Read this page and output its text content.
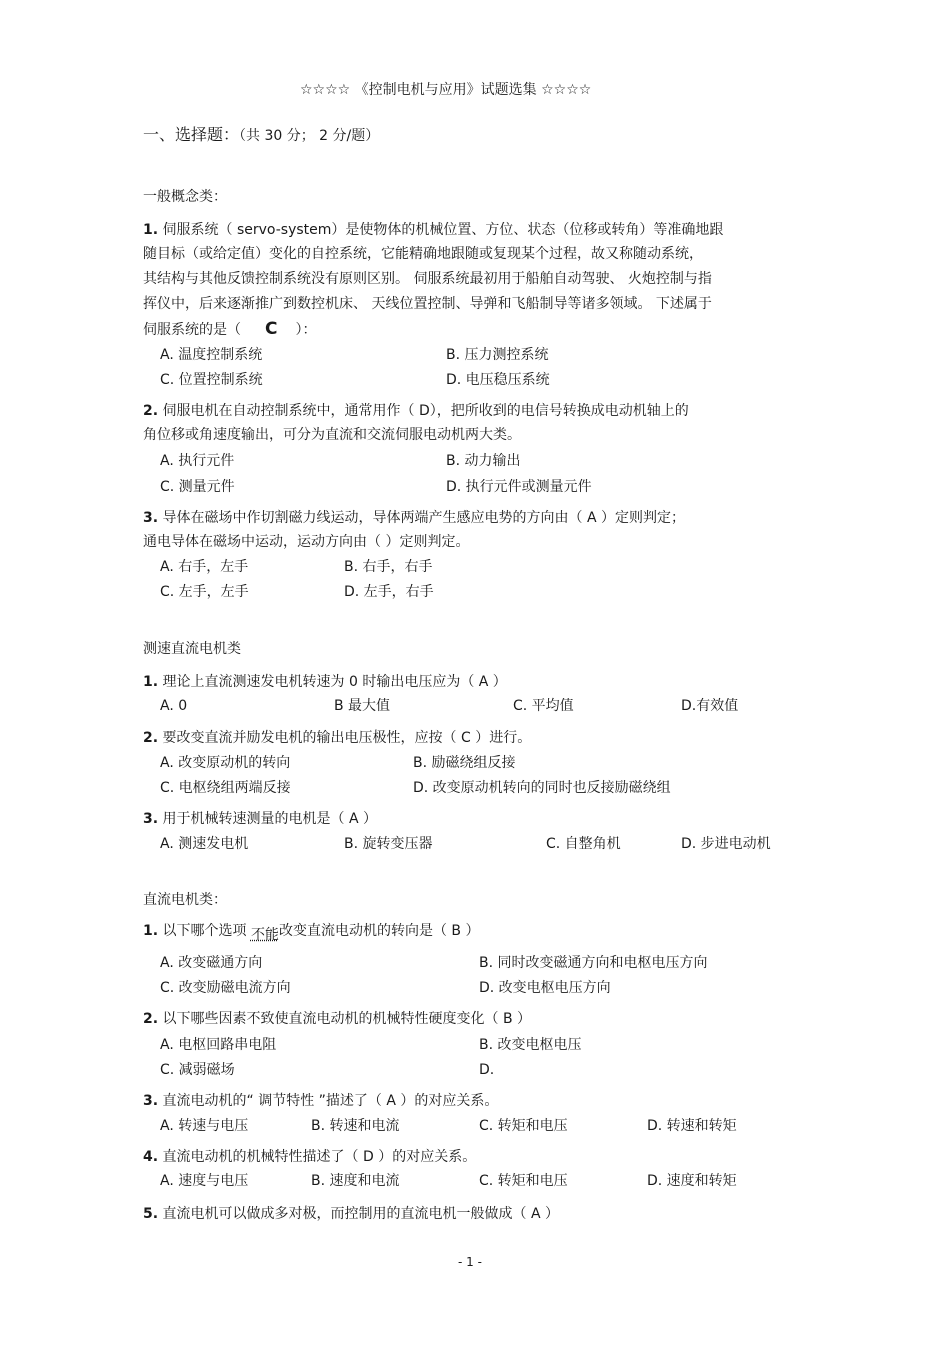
☆☆☆☆ 《控制电机与应用》试题选集 ☆☆☆☆
一、选择题：（共 30 分； 2 分/题）
一般概念类：
1. 伺服系统（ servo-system）是使物体的机械位置、方位、状态（位移或转角）等准确地跟
随目标（或给定值）变化的自控系统，它能精确地跟随或复现某个过程，故又称随动系统，
其结构与其他反馈控制系统没有原则区别。 伺服系统最初用于船舶自动驾驶、 火炮控制与指
挥仪中，后来逐渐推广到数控机床、 天线位置控制、导弹和飞船制导等诸多领域。 下述属于
伺服系统的是（ C ）：
A. 温度控制系统	B. 压力测控系统
C. 位置控制系统	D. 电压稳压系统
2. 伺服电机在自动控制系统中，通常用作（ D），把所收到的电信号转换成电动机轴上的
角位移或角速度输出，可分为直流和交流伺服电动机两大类。
A. 执行元件	B. 动力输出
C. 测量元件	D. 执行元件或测量元件
3. 导体在磁场中作切割磁力线运动，导体两端产生感应电势的方向由（ A ）定则判定；
通电导体在磁场中运动，运动方向由（ ）定则判定。
A. 右手，左手	B. 右手，右手
C. 左手，左手	D. 左手，右手
测速直流电机类
1. 理论上直流测速发电机转速为 0 时输出电压应为（ A ）
A. 0	B 最大值	C. 平均值	D.有效值
2. 要改变直流并励发电机的输出电压极性，应按（ C ）进行。
A. 改变原动机的转向	B. 励磁绕组反接
C. 电枢绕组两端反接	D. 改变原动机转向的同时也反接励磁绕组
3. 用于机械转速测量的电机是（ A ）
A. 测速发电机	B. 旋转变压器	C. 自整角机	D. 步进电动机
直流电机类：
1. 以下哪个选项 不能改变直流电动机的转向是（ B ）
A. 改变磁通方向	B. 同时改变磁通方向和电枢电压方向
C. 改变励磁电流方向	D. 改变电枢电压方向
2. 以下哪些因素不致使直流电动机的机械特性硬度变化（ B ）
A. 电枢回路串电阻	B. 改变电枢电压
C. 减弱磁场	D.
3. 直流电动机的“ 调节特性 ”描述了（ A ）的对应关系。
A. 转速与电压	B. 转速和电流	C. 转矩和电压	D. 转速和转矩
4. 直流电动机的机械特性描述了（ D ）的对应关系。
A. 速度与电压	B. 速度和电流	C. 转矩和电压	D. 速度和转矩
5. 直流电机可以做成多对极，而控制用的直流电机一般做成（ A ）
- 1 -
